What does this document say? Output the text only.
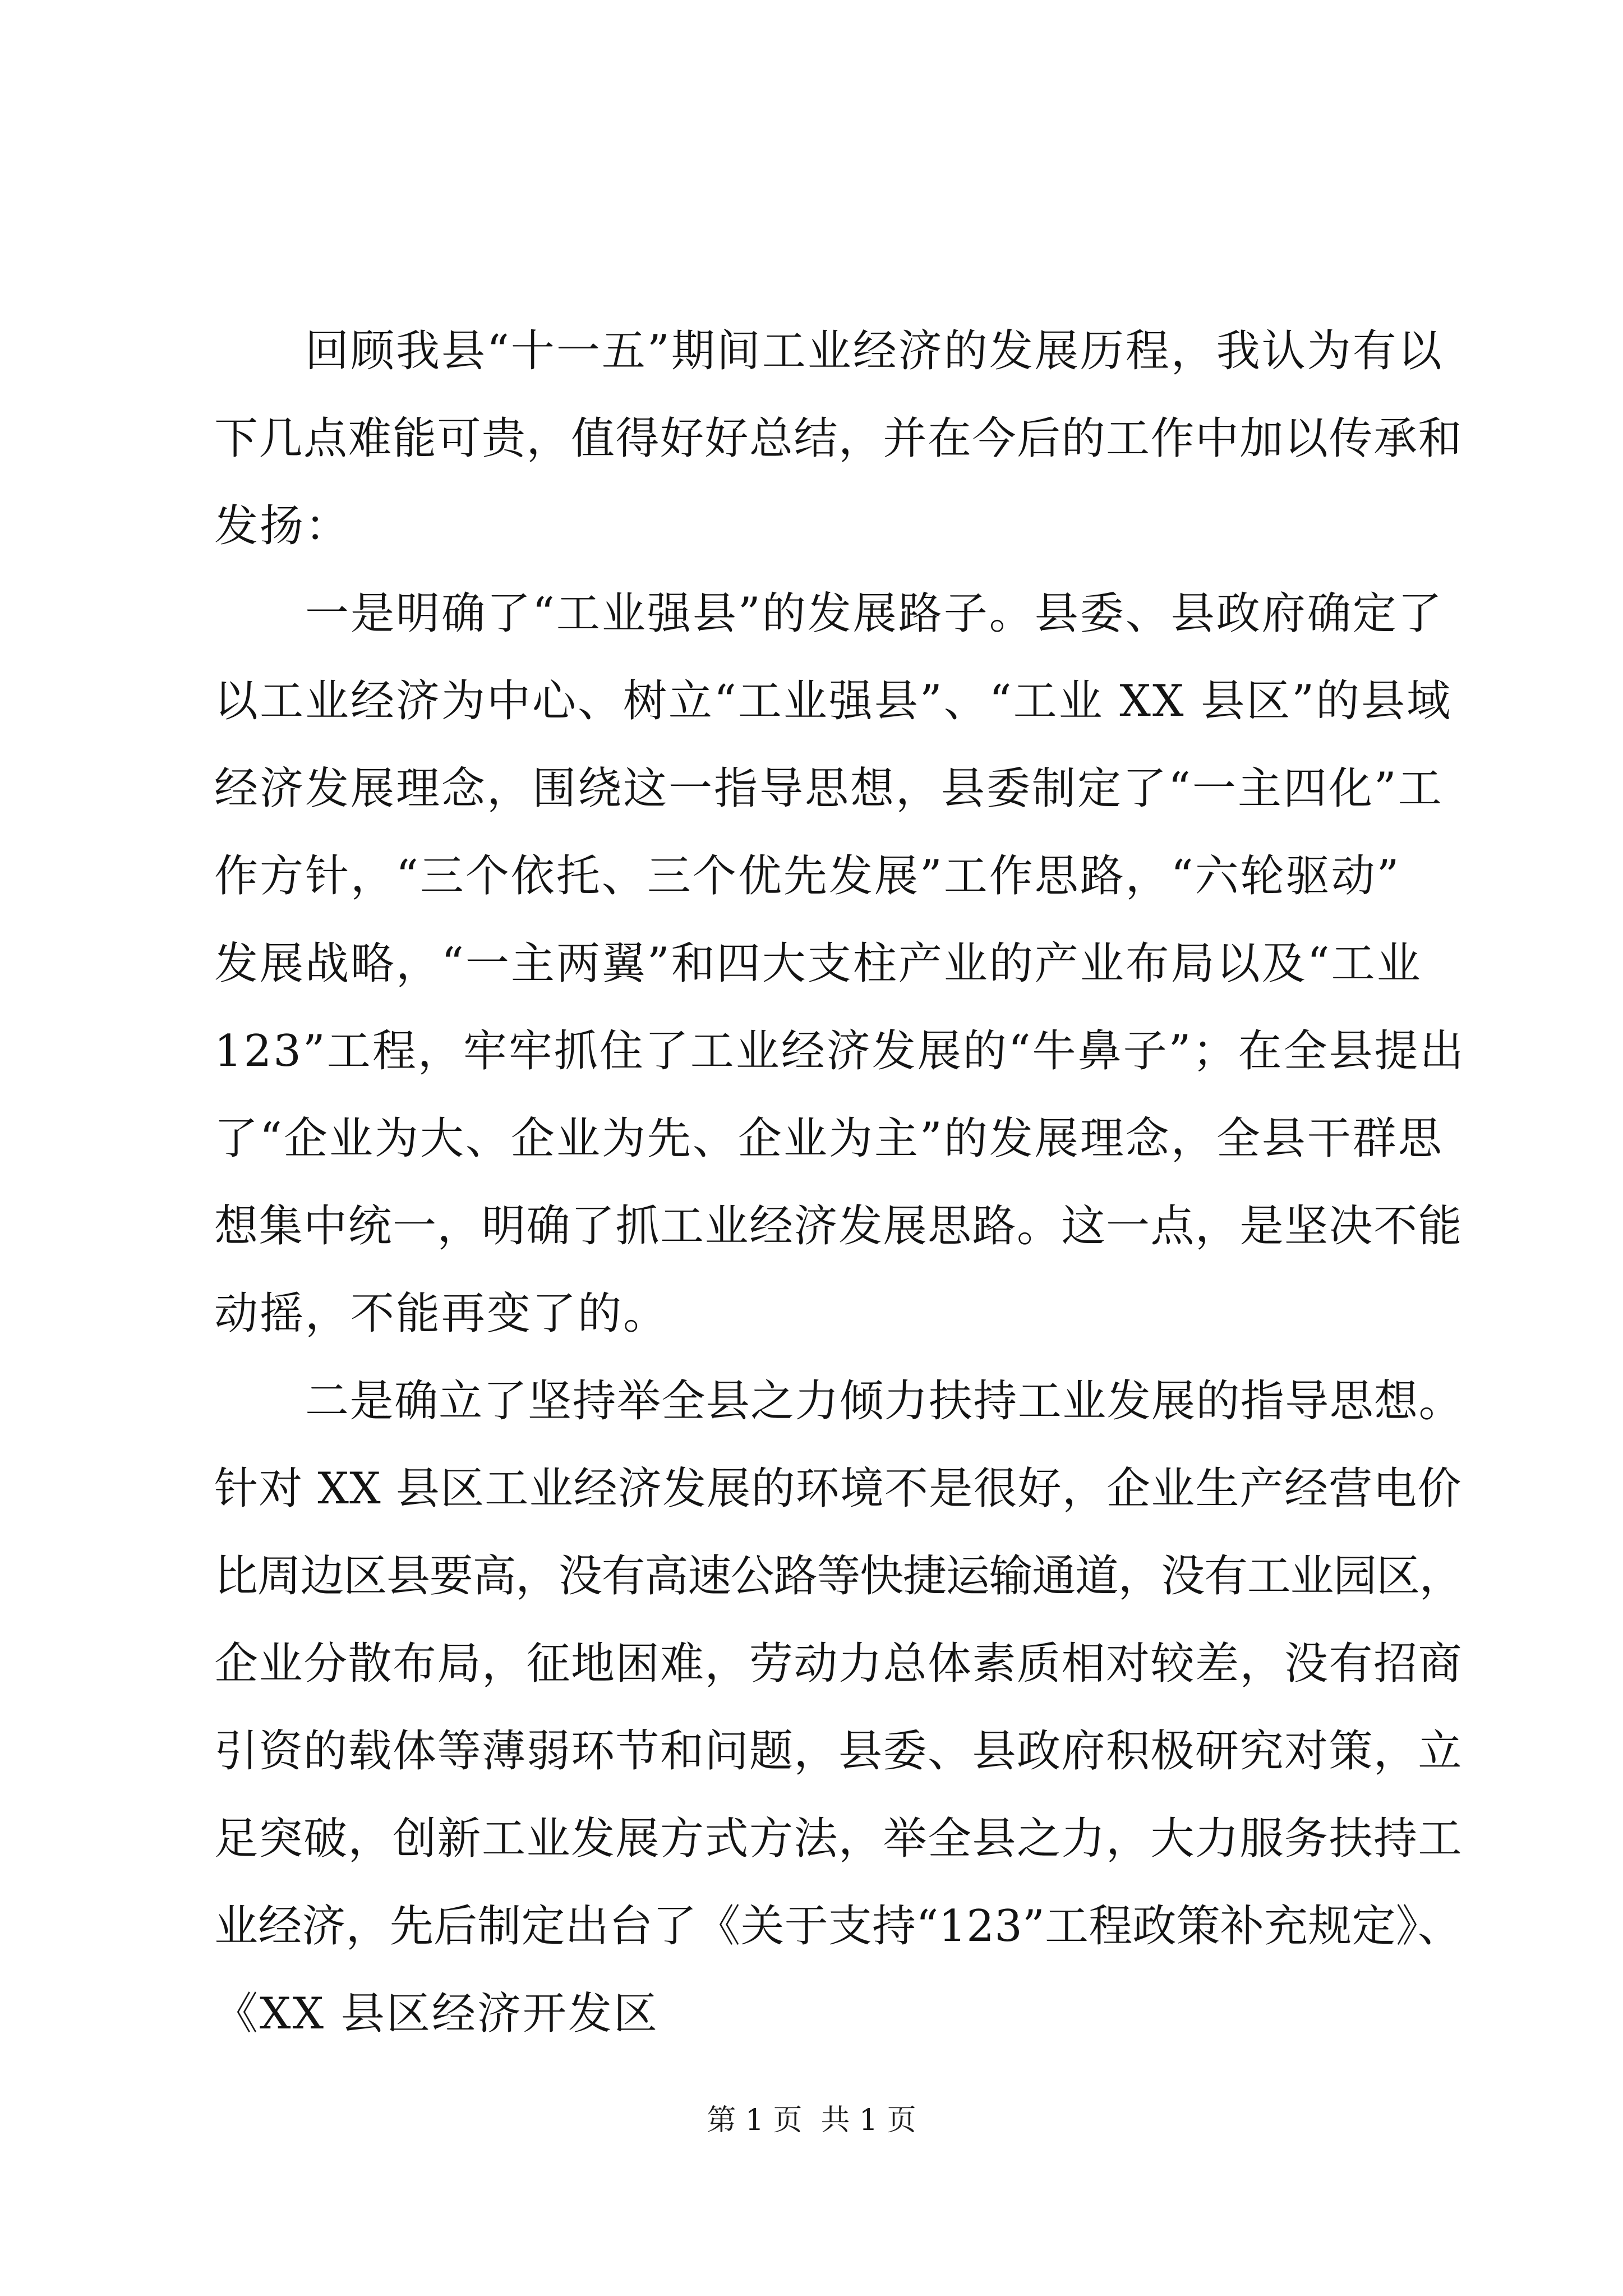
回顾我县“十一五”期间工业经济的发展历程，我认为有以
下几点难能可贵，值得好好总结，并在今后的工作中加以传承和
发扬：
一是明确了“工业强县”的发展路子。县委、县政府确定了
以工业经济为中心、树立“工业强县”、“工业 XX 县区”的县域
经济发展理念，围绕这一指导思想，县委制定了“一主四化”工
作方针，“三个依托、三个优先发展”工作思路，“六轮驱动”
发展战略，“一主两翼”和四大支柱产业的产业布局以及“工业
123”工程，牢牢抓住了工业经济发展的“牛鼻子”；在全县提出
了“企业为大、企业为先、企业为主”的发展理念，全县干群思
想集中统一，明确了抓工业经济发展思路。这一点，是坚决不能
动摇，不能再变了的。
二是确立了坚持举全县之力倾力扶持工业发展的指导思想。
针对 XX 县区工业经济发展的环境不是很好，企业生产经营电价
比周边区县要高，没有高速公路等快捷运输通道，没有工业园区，
企业分散布局，征地困难，劳动力总体素质相对较差，没有招商
引资的载体等薄弱环节和问题，县委、县政府积极研究对策，立
足突破，创新工业发展方式方法，举全县之力，大力服务扶持工
业经济，先后制定出台了《关于支持“123”工程政策补充规定》、
《XX 县区经济开发区
第 1 页  共 1 页
